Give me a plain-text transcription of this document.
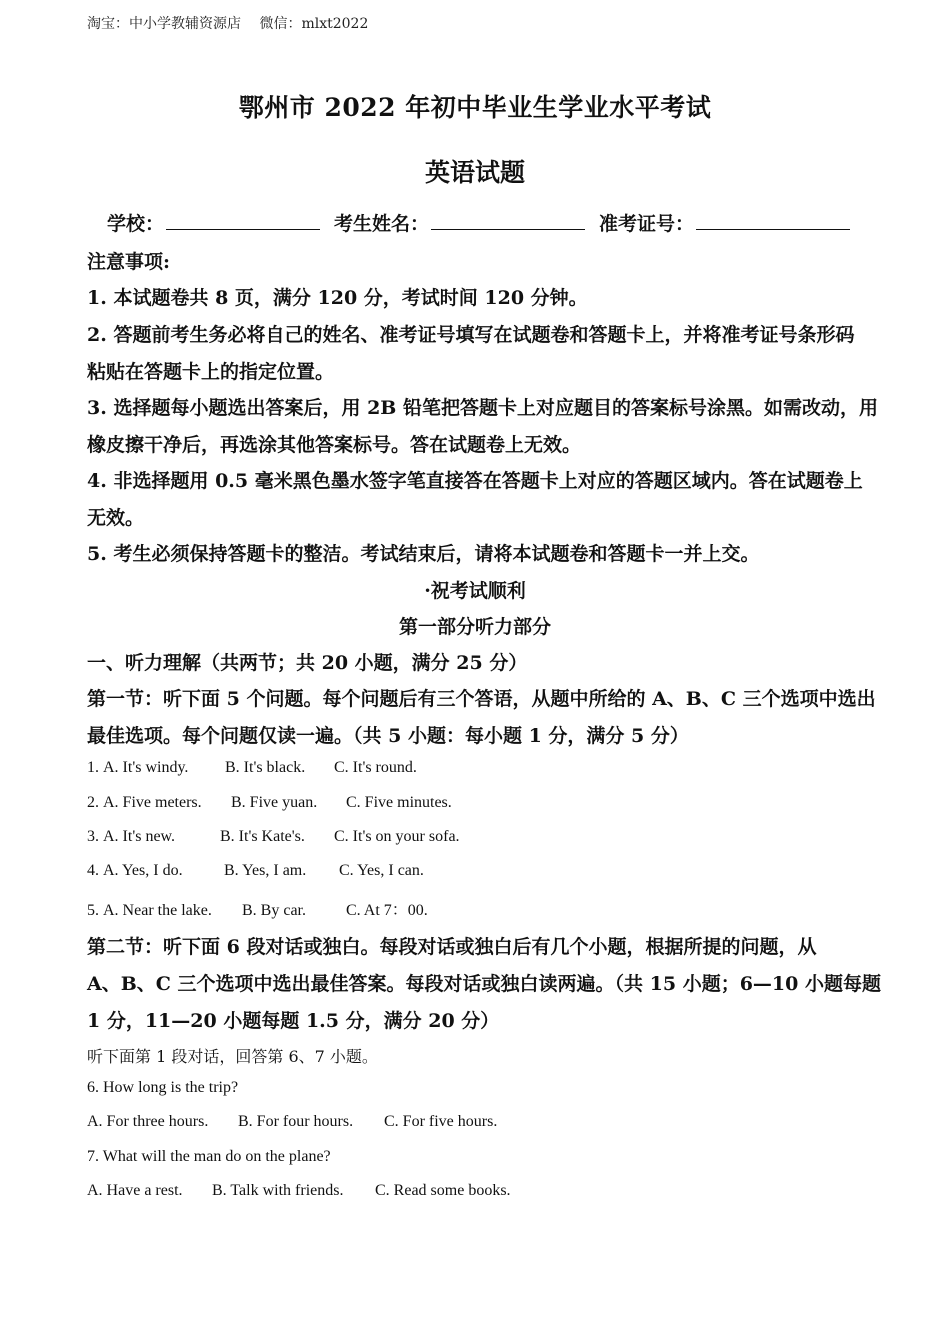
淘宝：中小学教辅资源店 微信：mlxt2022
鄂州市 2022 年初中毕业生学业水平考试
英语试题
学校：	考生姓名：	准考证号：
注意事项:
1. 本试题卷共 8 页，满分 120 分，考试时间 120 分钟。
2. 答题前考生务必将自己的姓名、准考证号填写在试题卷和答题卡上，并将准考证号条形码
粘贴在答题卡上的指定位置。
3. 选择题每小题选出答案后，用 2B 铅笔把答题卡上对应题目的答案标号涂黑。如需改动，用
橡皮擦干净后，再选涂其他答案标号。答在试题卷上无效。
4. 非选择题用 0.5 毫米黑色墨水签字笔直接答在答题卡上对应的答题区域内。答在试题卷上
无效。
5. 考生必须保持答题卡的整洁。考试结束后，请将本试题卷和答题卡一并上交。
·祝考试顺利
第一部分听力部分
一、听力理解（共两节；共 20 小题，满分 25 分）
第一节：听下面 5 个问题。每个问题后有三个答语，从题中所给的 A、B、C 三个选项中选出
最佳选项。每个问题仅读一遍。（共 5 小题：每小题 1 分，满分 5 分）
1. A. It's windy. B. It's black. C. It's round.
2. A. Five meters. B. Five yuan. C. Five minutes.
3. A. It's new.	B. It's Kate's. C. It's on your sofa.
4. A. Yes, I do.	B. Yes, I am. C. Yes, I can.
5. A. Near the lake. B. By car.	C. At 7：00.
第二节：听下面 6 段对话或独白。每段对话或独白后有几个小题，根据所提的问题，从
A、B、C 三个选项中选出最佳答案。每段对话或独白读两遍。（共 15 小题；6—10 小题每题
1 分，11—20 小题每题 1.5 分，满分 20 分）
听下面第 1 段对话，回答第 6、7 小题。
6. How long is the trip?
A. For three hours. B. For four hours. C. For five hours.
7. What will the man do on the plane?
A. Have a rest. B. Talk with friends. C. Read some books.
